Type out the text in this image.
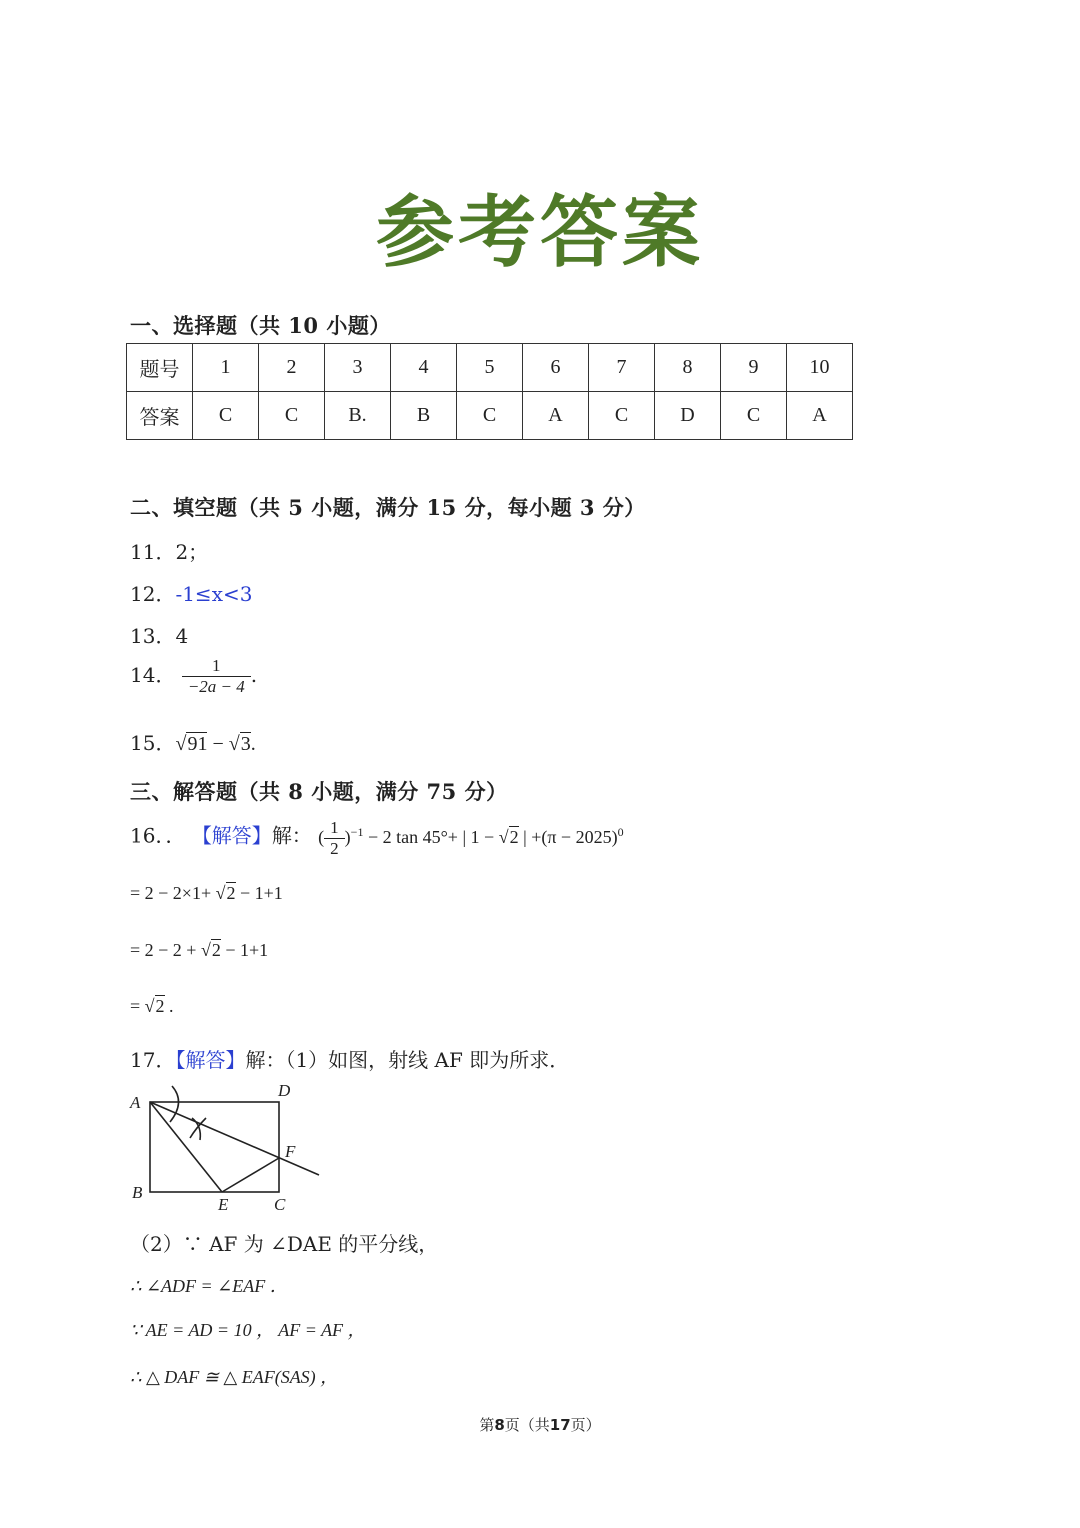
参考答案
一、选择题（共 10 小题）
题号	1	2	3	4	5	6	7	8	9	10
答案	C	C	B.	B	C	A	C	D	C	A
二、填空题（共 5 小题，满分 15 分，每小题 3 分）
11．2；
12．-1≤x<3
13．4
14． $\frac{1}{-2a - 4}$ .
15．√91 − √3.
三、解答题（共 8 小题，满分 75 分）
16．． 【解答】解： ( $\frac{1}{2} )^{-1} - 2$ tan 45°+ | 1 − √2 | $+(\pi - 2025)^0$
= 2 − 2×1+ √2 − 1+1
= 2 − 2 + √2 − 1+1
= √2 .
17．【解答】解：（1）如图，射线 AF 即为所求．
A
D
F
B
E	C
（2）∵ AF 为 ∠DAE 的平分线，
∴ ∠ADF = ∠EAF ．
∵ AE = AD = 10 ， AF = AF ，
∴ △ DAF ≅ △ EAF(SAS) ，
第8页（共17页）
